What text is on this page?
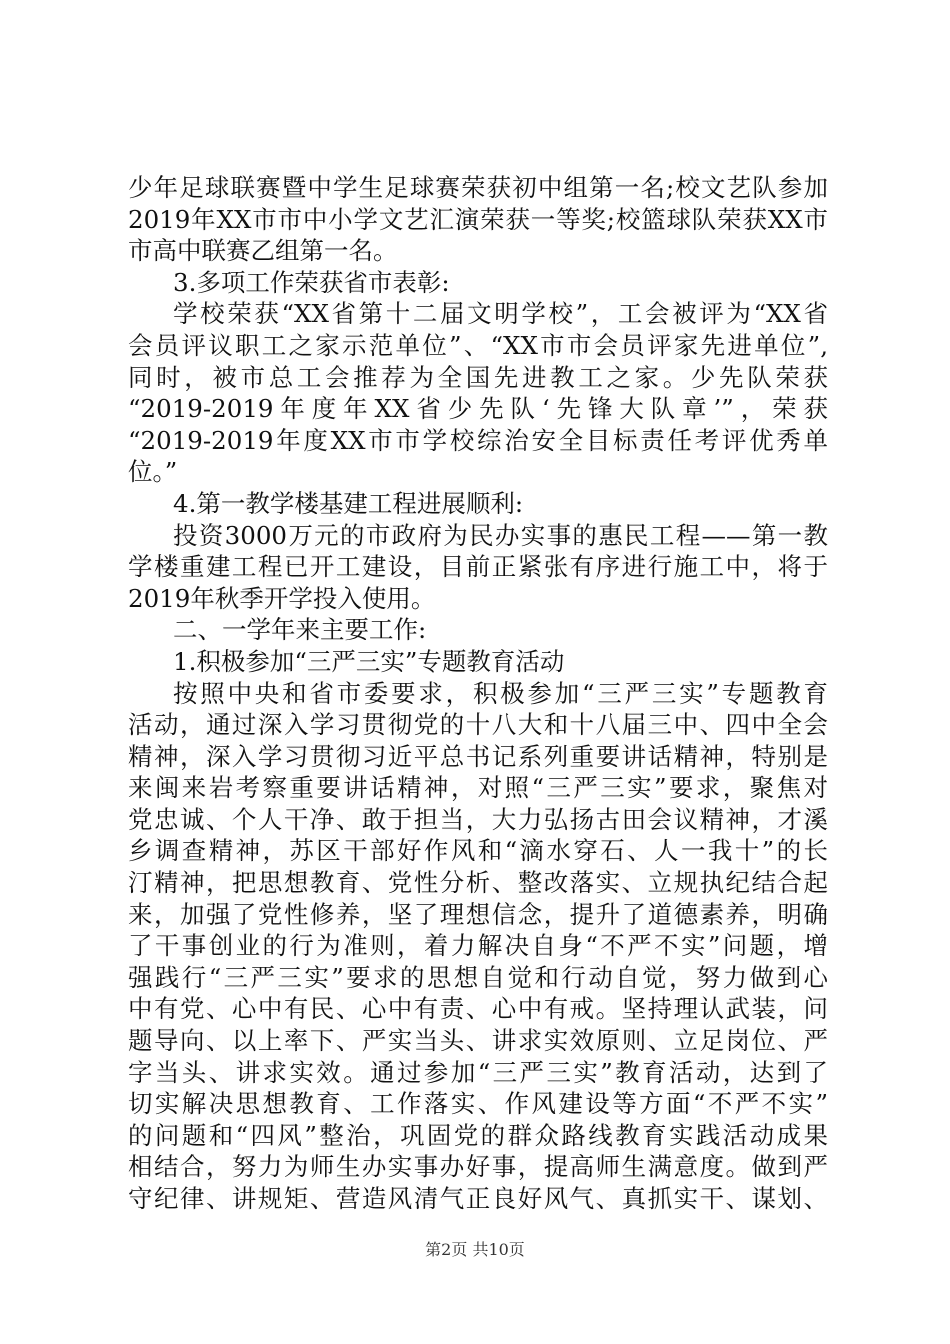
少年足球联赛暨中学生足球赛荣获初中组第一名;校文艺队参加
2019年XX市市中小学文艺汇演荣获一等奖;校篮球队荣获XX市
市高中联赛乙组第一名。
3.多项工作荣获省市表彰:
学校荣获“XX省第十二届文明学校”，工会被评为“XX省
会员评议职工之家示范单位”、“XX市市会员评家先进单位”,
同时，被市总工会推荐为全国先进教工之家。少先队荣获
“2019-2019年度年XX省少先队‘先锋大队章’”，荣获
“2019-2019年度XX市市学校综治安全目标责任考评优秀单
位。”
4.第一教学楼基建工程进展顺利:
投资3000万元的市政府为民办实事的惠民工程——第一教
学楼重建工程已开工建设，目前正紧张有序进行施工中，将于
2019年秋季开学投入使用。
二、一学年来主要工作:
1.积极参加“三严三实”专题教育活动
按照中央和省市委要求，积极参加“三严三实”专题教育
活动，通过深入学习贯彻党的十八大和十八届三中、四中全会
精神，深入学习贯彻习近平总书记系列重要讲话精神，特别是
来闽来岩考察重要讲话精神，对照“三严三实”要求，聚焦对
党忠诚、个人干净、敢于担当，大力弘扬古田会议精神，才溪
乡调查精神，苏区干部好作风和“滴水穿石、人一我十”的长
汀精神，把思想教育、党性分析、整改落实、立规执纪结合起
来，加强了党性修养，坚了理想信念，提升了道德素养，明确
了干事创业的行为准则，着力解决自身“不严不实”问题，增
强践行“三严三实”要求的思想自觉和行动自觉，努力做到心
中有党、心中有民、心中有责、心中有戒。坚持理认武装，问
题导向、以上率下、严实当头、讲求实效原则、立足岗位、严
字当头、讲求实效。通过参加“三严三实”教育活动，达到了
切实解决思想教育、工作落实、作风建设等方面“不严不实”
的问题和“四风”整治，巩固党的群众路线教育实践活动成果
相结合，努力为师生办实事办好事，提高师生满意度。做到严
守纪律、讲规矩、营造风清气正良好风气、真抓实干、谋划、
第2页 共10页
